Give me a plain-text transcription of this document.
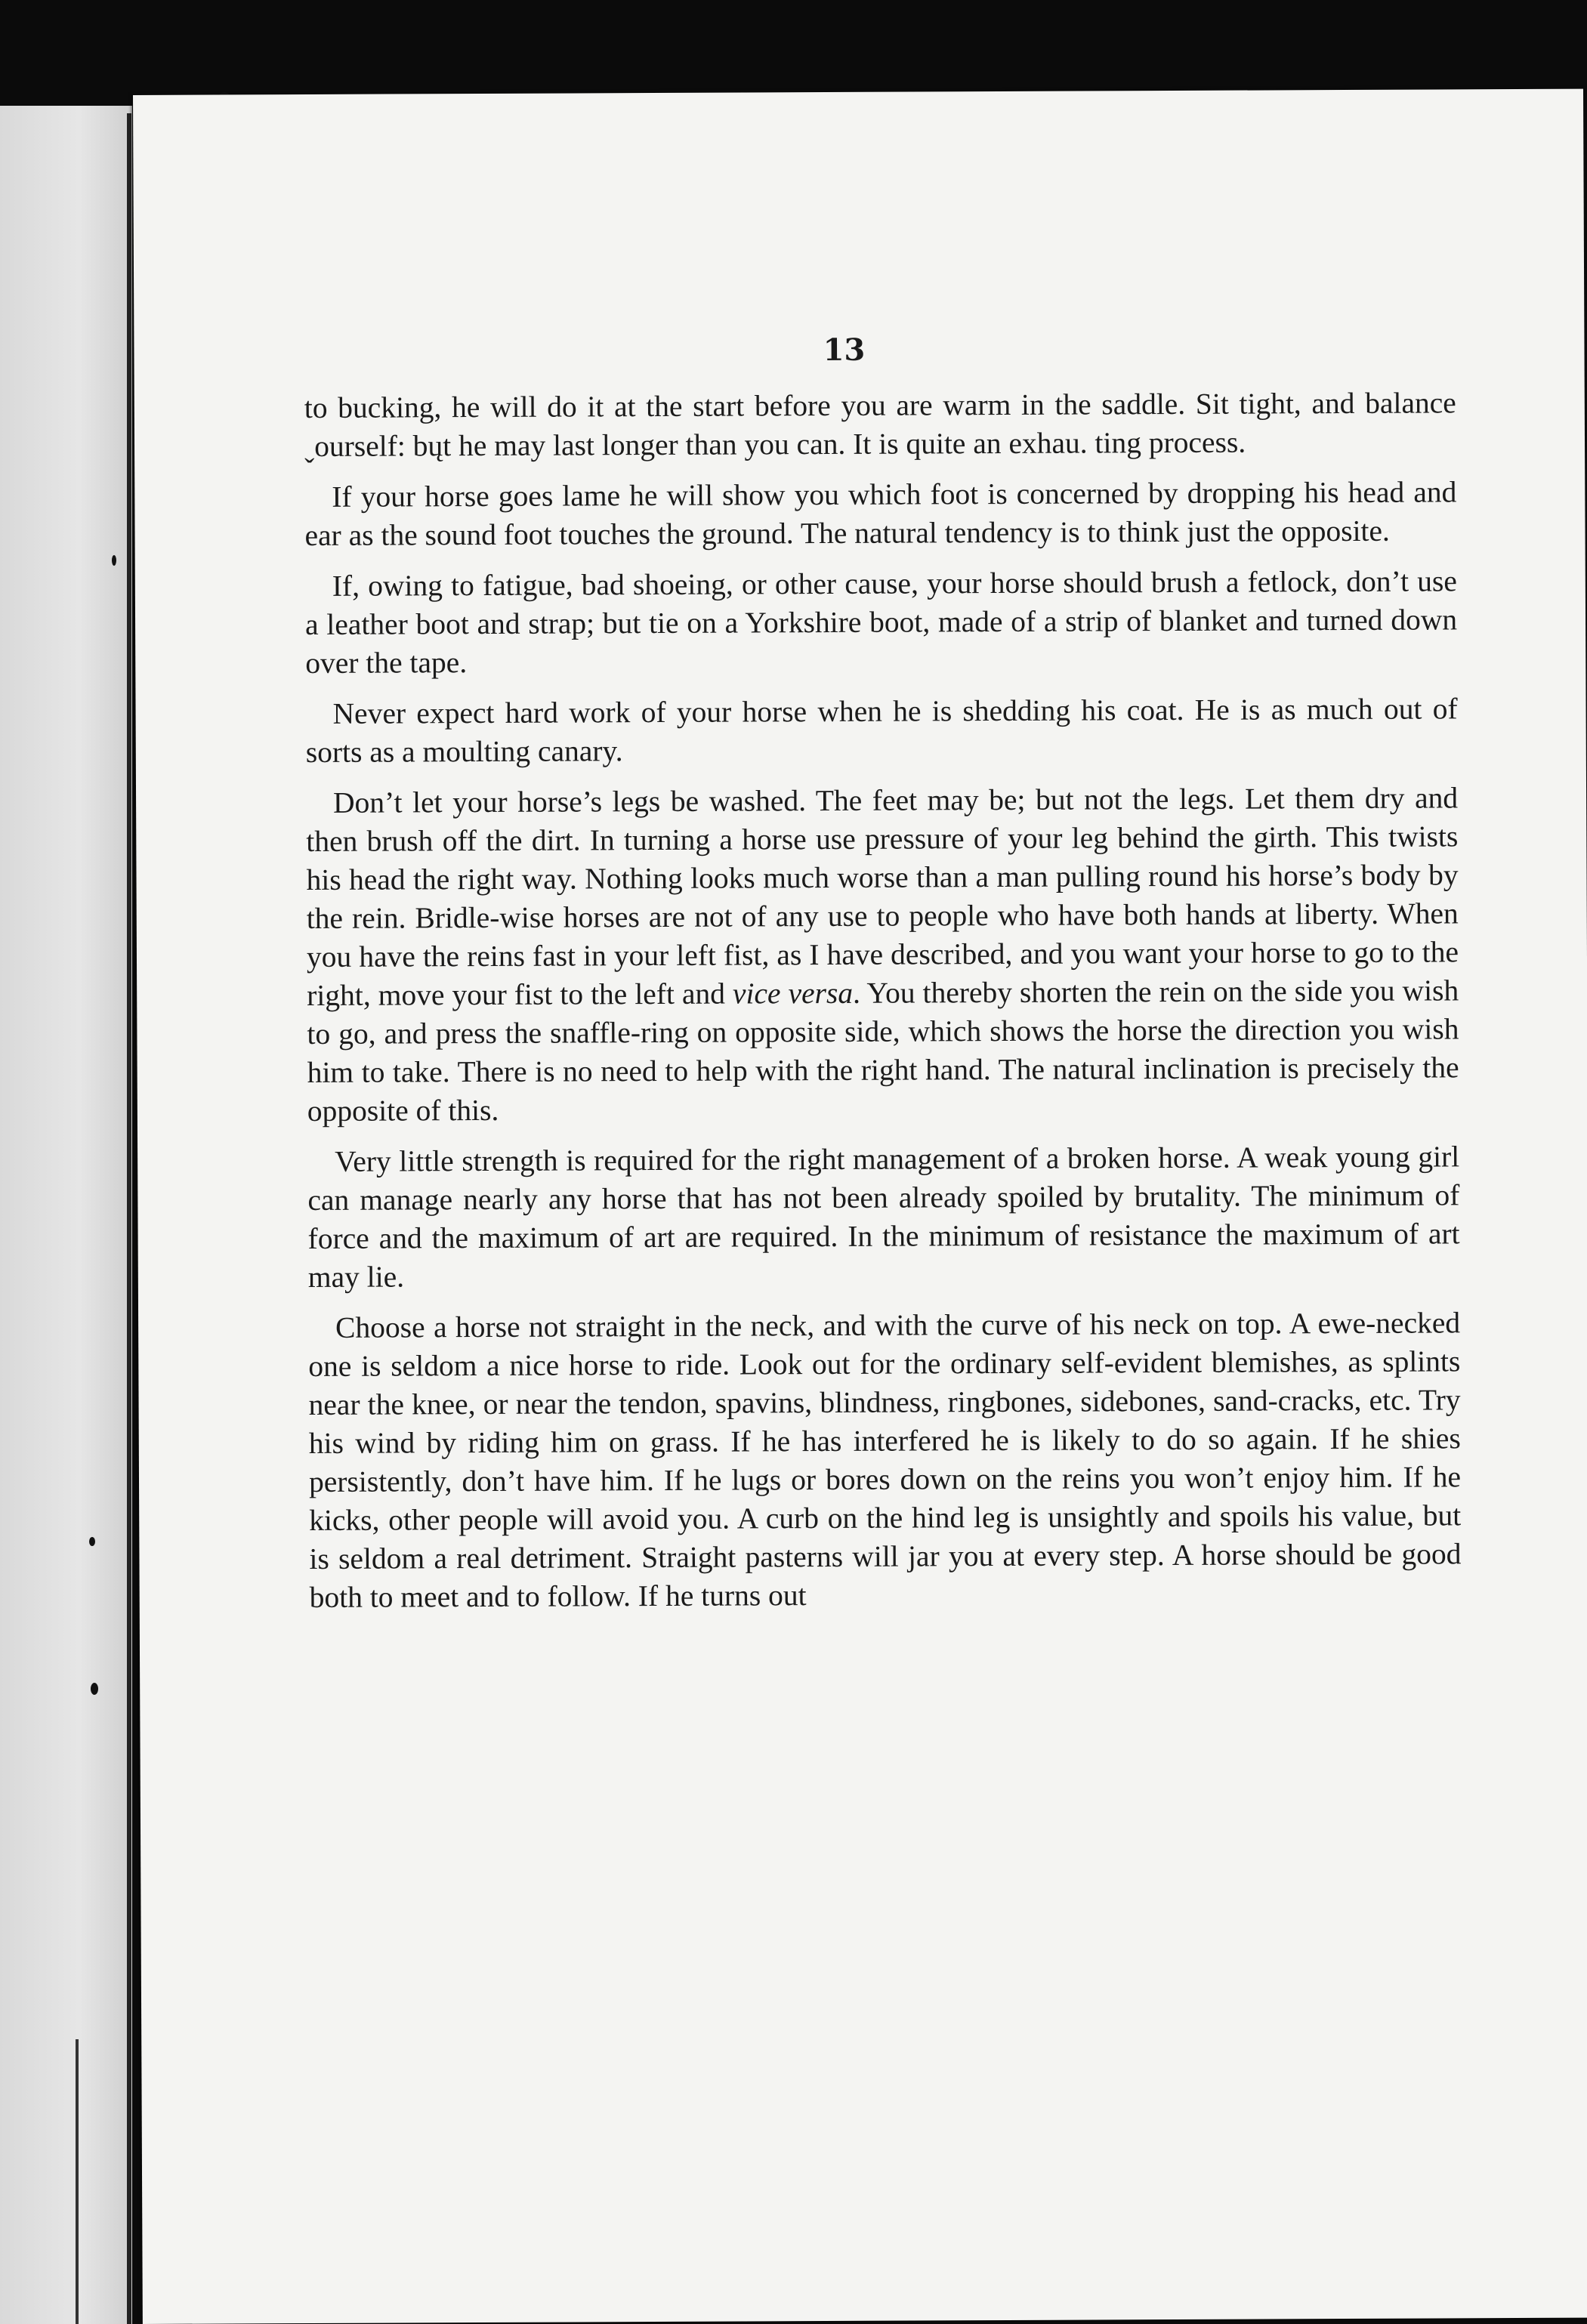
13

to bucking, he will do it at the start before you are warm in the saddle. Sit tight, and balance ˬourself: bųt he may last longer than you can. It is quite an exhau. ting process.

If your horse goes lame he will show you which foot is concerned by dropping his head and ear as the sound foot touches the ground. The natural tendency is to think just the opposite.

If, owing to fatigue, bad shoeing, or other cause, your horse should brush a fetlock, don’t use a leather boot and strap; but tie on a Yorkshire boot, made of a strip of blanket and turned down over the tape.

Never expect hard work of your horse when he is shedding his coat. He is as much out of sorts as a moulting canary.

Don’t let your horse’s legs be washed. The feet may be; but not the legs. Let them dry and then brush off the dirt. In turning a horse use pressure of your leg behind the girth. This twists his head the right way. Nothing looks much worse than a man pulling round his horse’s body by the rein. Bridle-wise horses are not of any use to people who have both hands at liberty. When you have the reins fast in your left fist, as I have described, and you want your horse to go to the right, move your fist to the left and vice versa. You thereby shorten the rein on the side you wish to go, and press the snaffle-ring on opposite side, which shows the horse the direction you wish him to take. There is no need to help with the right hand. The natural inclination is precisely the opposite of this.

Very little strength is required for the right management of a broken horse. A weak young girl can manage nearly any horse that has not been already spoiled by brutality. The minimum of force and the maximum of art are required. In the minimum of resistance the maximum of art may lie.

Choose a horse not straight in the neck, and with the curve of his neck on top. A ewe-necked one is seldom a nice horse to ride. Look out for the ordinary self-evident blemishes, as splints near the knee, or near the tendon, spavins, blindness, ringbones, sidebones, sand-cracks, etc. Try his wind by riding him on grass. If he has interfered he is likely to do so again. If he shies persistently, don’t have him. If he lugs or bores down on the reins you won’t enjoy him. If he kicks, other people will avoid you. A curb on the hind leg is unsightly and spoils his value, but is seldom a real detriment. Straight pasterns will jar you at every step. A horse should be good both to meet and to follow. If he turns out
